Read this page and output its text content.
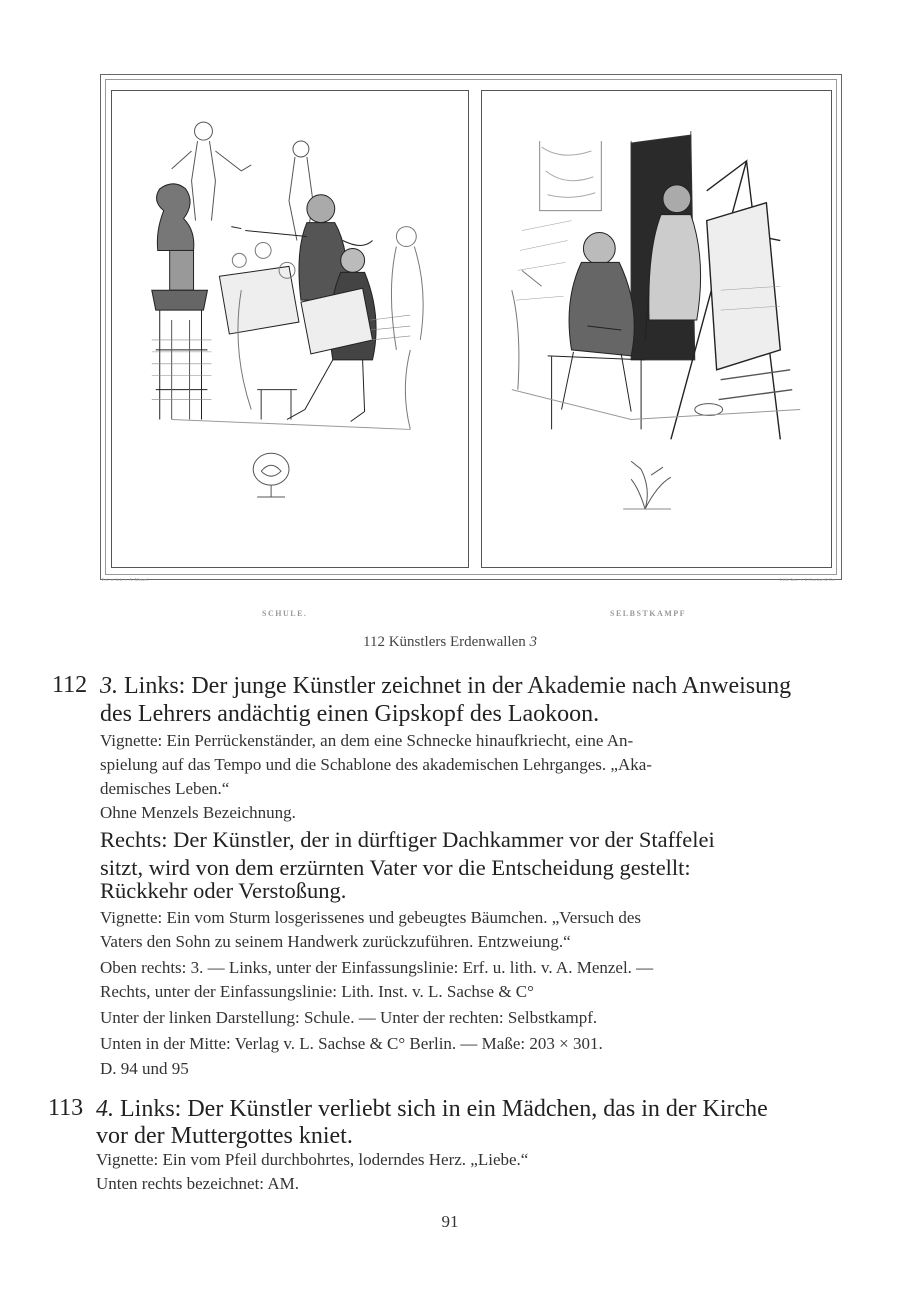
Erf. u. lith. v. A. Menzel	Lith. Inst. v. L. Sachse & Co
SCHULE.	SELBSTKAMPF
112 Künstlers Erdenwallen 3
112 3. Links: Der junge Künstler zeichnet in der Akademie nach Anweisung
des Lehrers andächtig einen Gipskopf des Laokoon.
Vignette: Ein Perrückenständer, an dem eine Schnecke hinaufkriecht, eine An-
spielung auf das Tempo und die Schablone des akademischen Lehrganges. „Aka-
demisches Leben.“
Ohne Menzels Bezeichnung.
Rechts: Der Künstler, der in dürftiger Dachkammer vor der Staffelei
sitzt, wird von dem erzürnten Vater vor die Entscheidung gestellt:
Rückkehr oder Verstoßung.
Vignette: Ein vom Sturm losgerissenes und gebeugtes Bäumchen. „Versuch des
Vaters den Sohn zu seinem Handwerk zurückzuführen. Entzweiung.“
Oben rechts: 3. — Links, unter der Einfassungslinie: Erf. u. lith. v. A. Menzel. —
Rechts, unter der Einfassungslinie: Lith. Inst. v. L. Sachse & C°
Unter der linken Darstellung: Schule. — Unter der rechten: Selbstkampf.
Unten in der Mitte: Verlag v. L. Sachse & C° Berlin. — Maße: 203 × 301.
D. 94 und 95
113 4. Links: Der Künstler verliebt sich in ein Mädchen, das in der Kirche
vor der Muttergottes kniet.
Vignette: Ein vom Pfeil durchbohrtes, loderndes Herz. „Liebe.“
Unten rechts bezeichnet: AM.
91
